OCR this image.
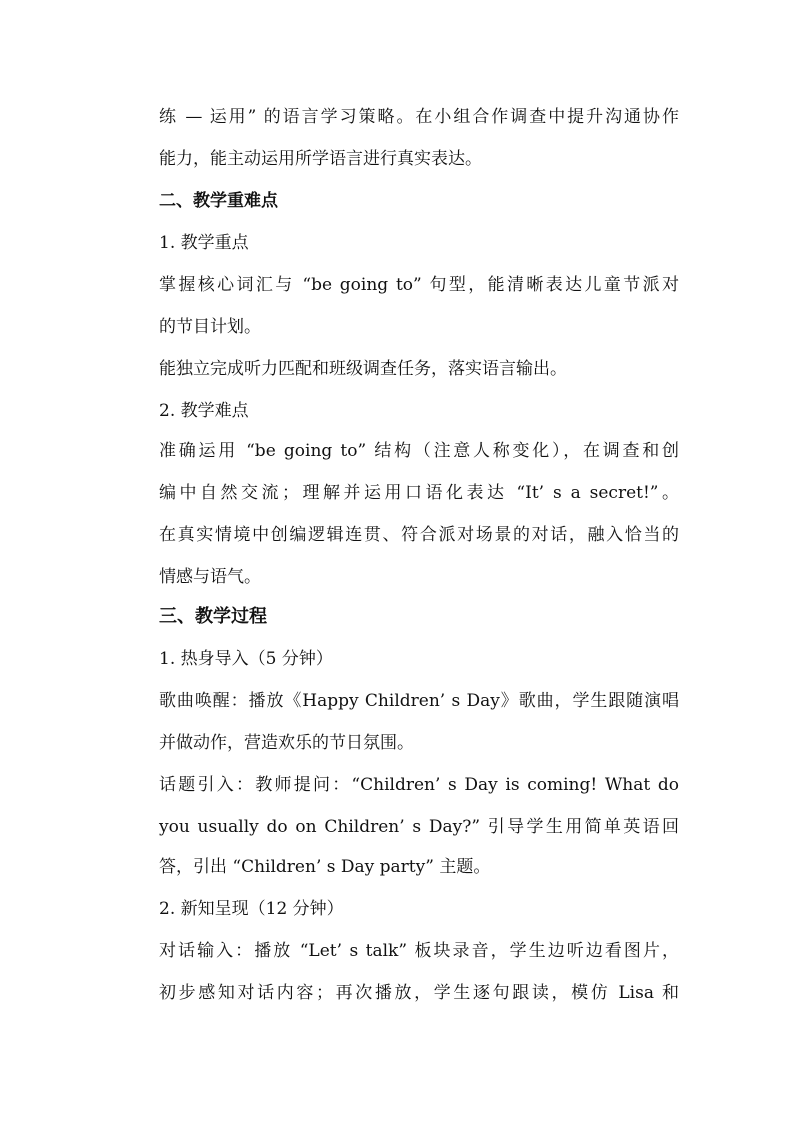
练 — 运用” 的语言学习策略。在小组合作调查中提升沟通协作
能力，能主动运用所学语言进行真实表达。
二、教学重难点
1. 教学重点
掌握核心词汇与 “be going to” 句型，能清晰表达儿童节派对
的节目计划。
能独立完成听力匹配和班级调查任务，落实语言输出。
2. 教学难点
准确运用 “be going to” 结构（注意人称变化），在调查和创
编中自然交流；理解并运用口语化表达 “It’ s a secret!”。
在真实情境中创编逻辑连贯、符合派对场景的对话，融入恰当的
情感与语气。
三、教学过程
1. 热身导入（5 分钟）
歌曲唤醒：播放《Happy Children’ s Day》歌曲，学生跟随演唱
并做动作，营造欢乐的节日氛围。
话题引入：教师提问：“Children’ s Day is coming! What do
you usually do on Children’ s Day?” 引导学生用简单英语回
答，引出 “Children’ s Day party” 主题。
2. 新知呈现（12 分钟）
对话输入：播放 “Let’ s talk” 板块录音，学生边听边看图片，
初步感知对话内容；再次播放，学生逐句跟读，模仿 Lisa 和
